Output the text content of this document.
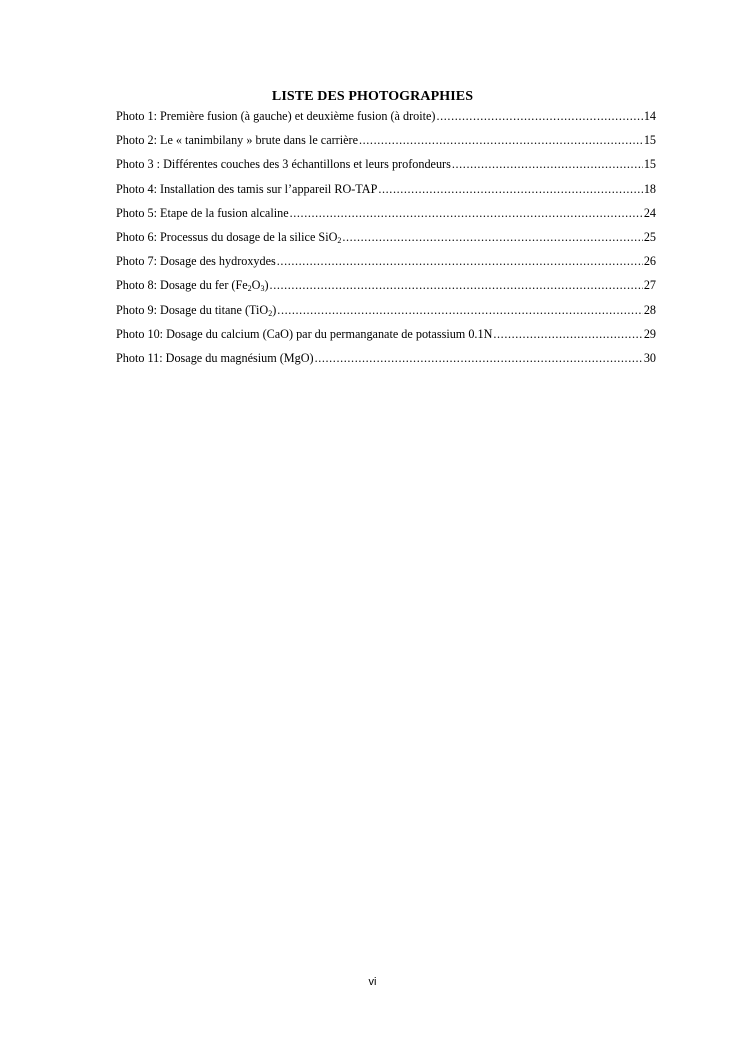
LISTE DES PHOTOGRAPHIES
Photo 1: Première fusion (à gauche) et deuxième fusion (à droite) .....	14
Photo 2: Le « tanimbilany » brute dans le carrière .....	15
Photo 3 : Différentes couches des 3 échantillons et leurs profondeurs .....	15
Photo 4: Installation des tamis sur l’appareil RO-TAP .....	18
Photo 5: Etape de la fusion alcaline .....	24
Photo 6: Processus du dosage de la silice SiO$_2$ .....	25
Photo 7: Dosage des hydroxydes .....	26
Photo 8: Dosage du fer $(Fe_2O_3)$ .....	27
Photo 9: Dosage du titane (TiO$_2$) .....	28
Photo 10: Dosage du calcium (CaO) par du permanganate de potassium 0.1N .....	29
Photo 11: Dosage du magnésium (MgO) .....	30
vi
